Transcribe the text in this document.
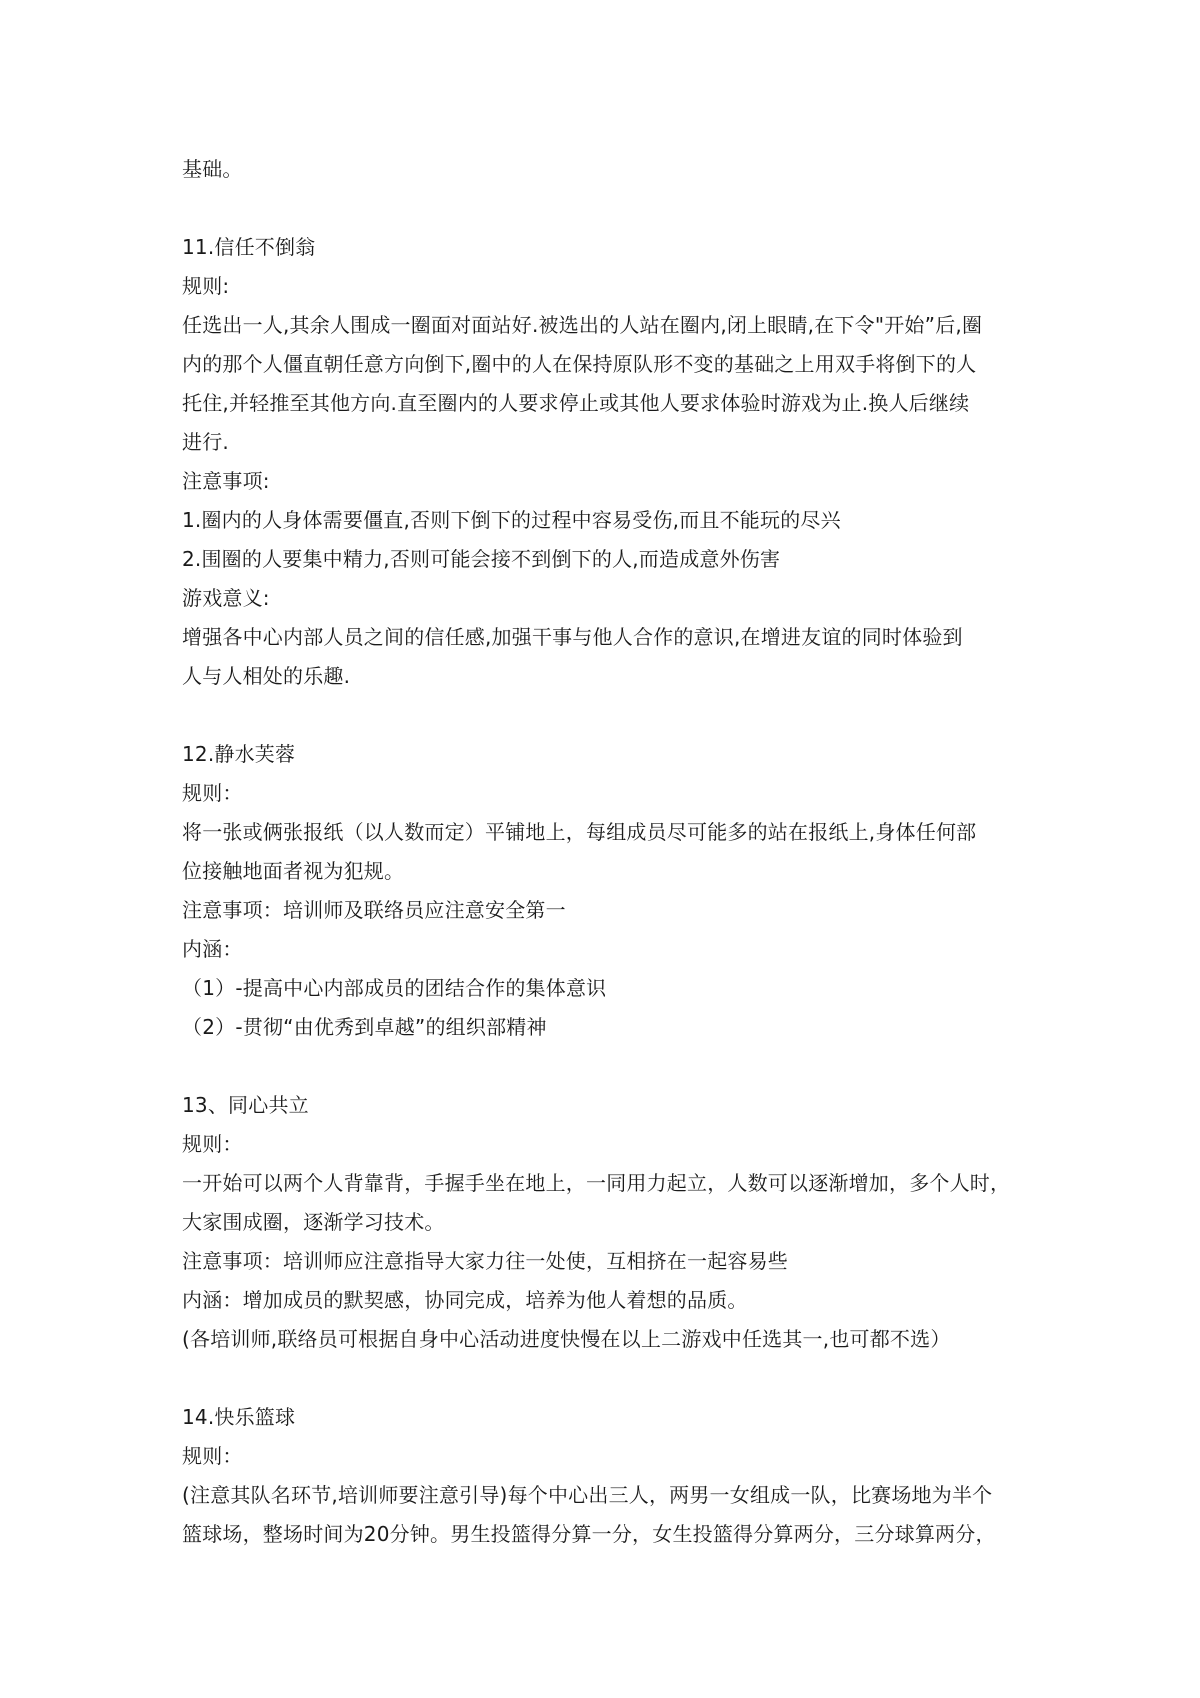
基础。
11.信任不倒翁
规则:
任选出一人,其余人围成一圈面对面站好.被选出的人站在圈内,闭上眼睛,在下令"开始”后,圈
内的那个人僵直朝任意方向倒下,圈中的人在保持原队形不变的基础之上用双手将倒下的人
托住,并轻推至其他方向.直至圈内的人要求停止或其他人要求体验时游戏为止.换人后继续
进行.
注意事项:
1.圈内的人身体需要僵直,否则下倒下的过程中容易受伤,而且不能玩的尽兴
2.围圈的人要集中精力,否则可能会接不到倒下的人,而造成意外伤害
游戏意义:
增强各中心内部人员之间的信任感,加强干事与他人合作的意识,在增进友谊的同时体验到
人与人相处的乐趣.
12.静水芙蓉
规则：
将一张或俩张报纸（以人数而定）平铺地上，每组成员尽可能多的站在报纸上,身体任何部
位接触地面者视为犯规。
注意事项：培训师及联络员应注意安全第一
内涵：
（1）-提高中心内部成员的团结合作的集体意识
（2）-贯彻“由优秀到卓越”的组织部精神
13、同心共立
规则：
一开始可以两个人背靠背，手握手坐在地上，一同用力起立，人数可以逐渐增加，多个人时，
大家围成圈，逐渐学习技术。
注意事项：培训师应注意指导大家力往一处使，互相挤在一起容易些
内涵：增加成员的默契感，协同完成，培养为他人着想的品质。
(各培训师,联络员可根据自身中心活动进度快慢在以上二游戏中任选其一,也可都不选）
14.快乐篮球
规则：
(注意其队名环节,培训师要注意引导)每个中心出三人，两男一女组成一队，比赛场地为半个
篮球场，整场时间为20分钟。男生投篮得分算一分，女生投篮得分算两分，三分球算两分，
